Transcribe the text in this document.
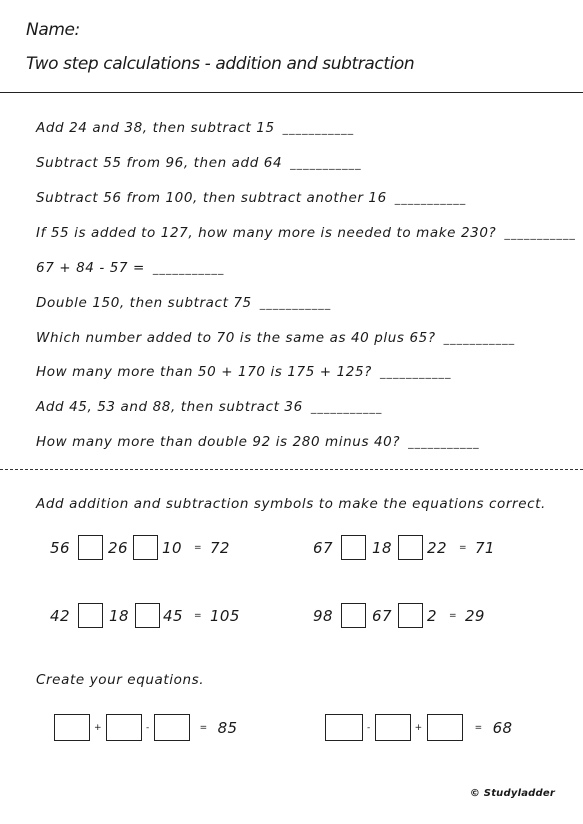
Name:
Two step calculations - addition and subtraction
Add 24 and 38, then subtract 15 ___________
Subtract 55 from 96, then add 64 ___________
Subtract 56 from 100, then subtract another 16 ___________
If 55 is added to 127, how many more is needed to make 230? ___________
67 + 84 - 57 = ___________
Double 150, then subtract 75 ___________
Which number added to 70 is the same as 40 plus 65? ___________
How many more than 50 + 170 is 175 + 125? ___________
Add 45, 53 and 88, then subtract 36 ___________
How many more than double 92 is 280 minus 40? ___________
Add addition and subtraction symbols to make the equations correct.
56	26	10	= 72	67	18	22	= 71
42	18	45	= 105	98	67	2	= 29
Create your equations.
+	-	= 85	-	+	= 68
© Studyladder
